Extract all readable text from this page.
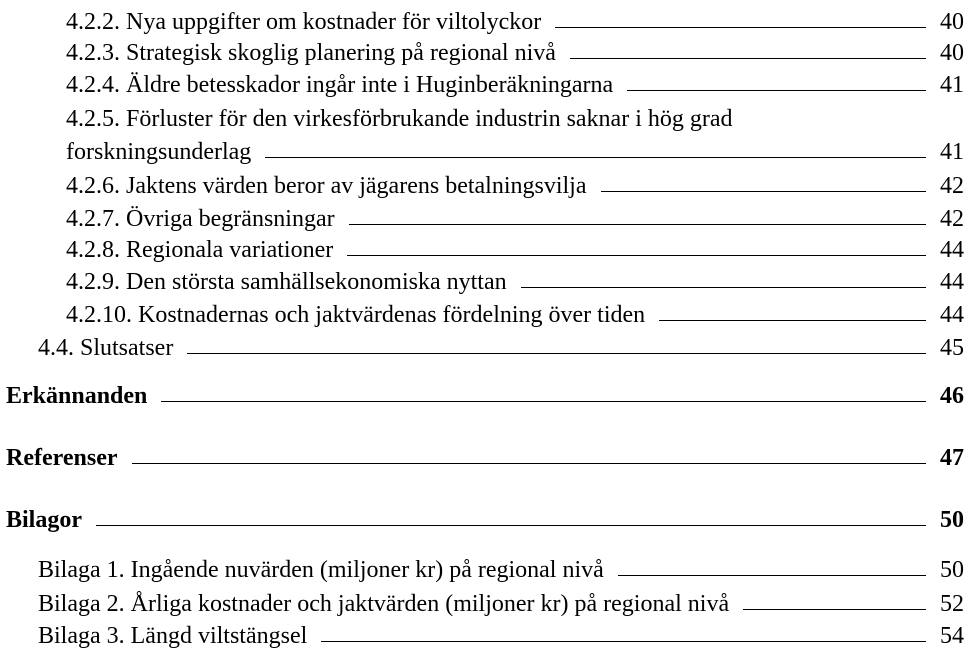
4.2.2. Nya uppgifter om kostnader för viltolyckor	40
4.2.3. Strategisk skoglig planering på regional nivå	40
4.2.4. Äldre betesskador ingår inte i Huginberäkningarna	41
4.2.5. Förluster för den virkesförbrukande industrin saknar i hög grad
forskningsunderlag	41
4.2.6. Jaktens värden beror av jägarens betalningsvilja	42
4.2.7. Övriga begränsningar	42
4.2.8. Regionala variationer	44
4.2.9. Den största samhällsekonomiska nyttan	44
4.2.10. Kostnadernas och jaktvärdenas fördelning över tiden	44
4.4. Slutsatser	45
Erkännanden	46
Referenser	47
Bilagor	50
Bilaga 1. Ingående nuvärden (miljoner kr) på regional nivå	50
Bilaga 2. Årliga kostnader och jaktvärden (miljoner kr) på regional nivå	52
Bilaga 3. Längd viltstängsel	54
